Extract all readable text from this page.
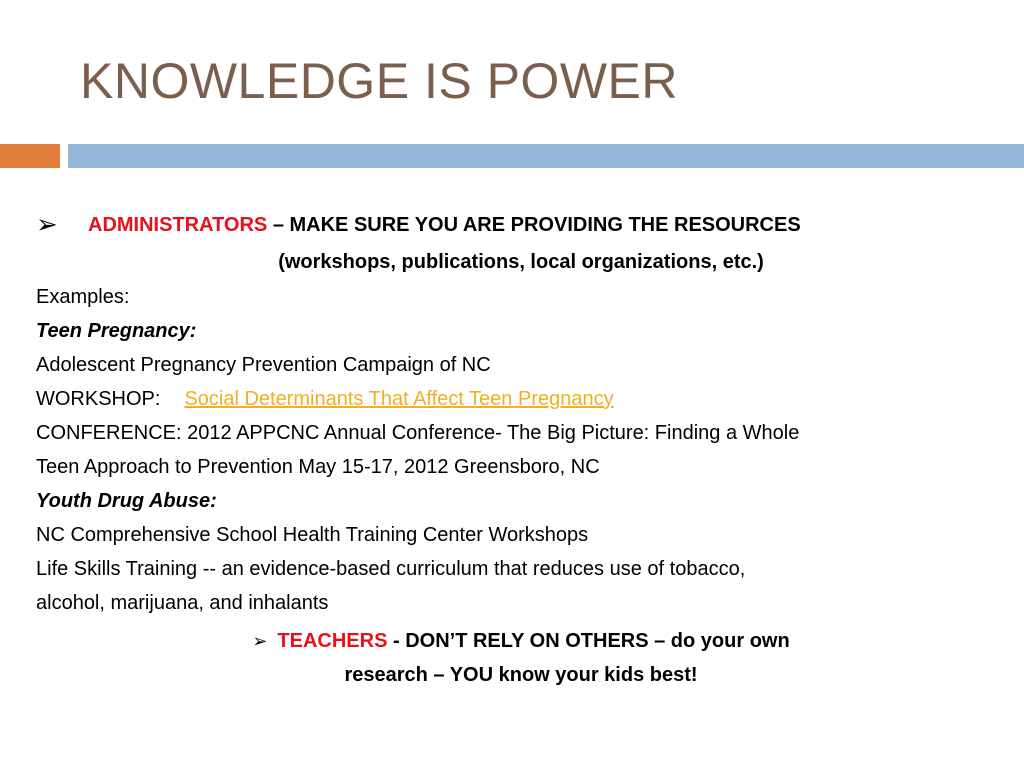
KNOWLEDGE IS POWER
➢ ADMINISTRATORS – MAKE SURE YOU ARE PROVIDING THE RESOURCES
(workshops, publications, local organizations, etc.)
Examples:
Teen Pregnancy:
Adolescent Pregnancy Prevention Campaign of NC
WORKSHOP: Social Determinants That Affect Teen Pregnancy
CONFERENCE: 2012 APPCNC Annual Conference- The Big Picture: Finding a Whole
Teen Approach to Prevention May 15-17, 2012 Greensboro, NC
Youth Drug Abuse:
NC Comprehensive School Health Training Center Workshops
Life Skills Training -- an evidence-based curriculum that reduces use of tobacco,
alcohol, marijuana, and inhalants
➢ TEACHERS - DON’T RELY ON OTHERS – do your own
research – YOU know your kids best!
